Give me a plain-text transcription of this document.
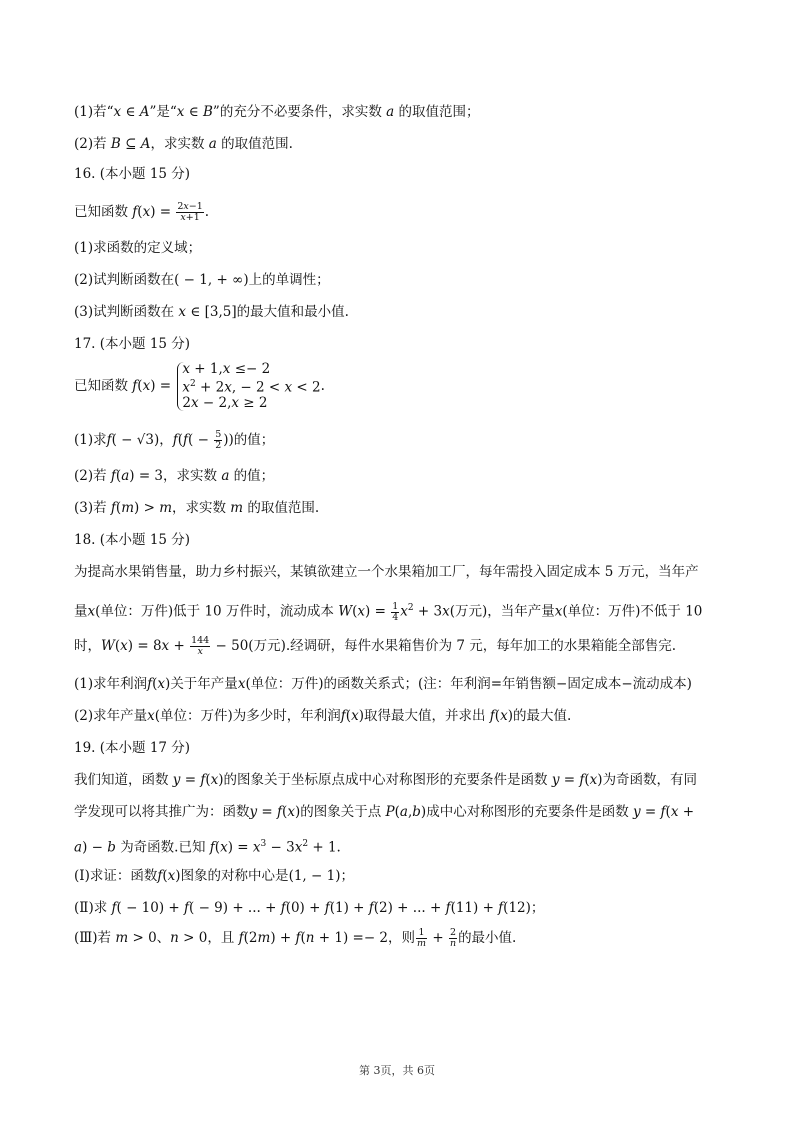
(1)若“x ∈ A”是“x ∈ B”的充分不必要条件，求实数 a 的取值范围；
(2)若 B ⊆ A，求实数 a 的取值范围.
16. (本小题 15 分)
已知函数 $f(x) = \frac{2x-1}{x+1}$ .
(1)求函数的定义域；
(2)试判断函数在( − 1, + ∞)上的单调性；
(3)试判断函数在 x ∈ [3,5]的最大值和最小值.
17. (本小题 15 分)
已知函数 f(x) =
x + 1,x ≤− 2
$x^2 + 2x$, − 2 < x < 2
2x − 2,x ≥ 2
.
(1)求f( − √3)，$f(f( - \frac{5}{2}$ ))的值；
(2)若 f(a) = 3，求实数 a 的值；
(3)若 f(m) > m，求实数 m 的取值范围.
18. (本小题 15 分)
为提高水果销售量，助力乡村振兴，某镇欲建立一个水果箱加工厂，每年需投入固定成本 5 万元，当年产
量x(单位：万件)低于 10 万件时，流动成本 $W(x) = \frac{1}{4} x^2 + 3x$(万元)，当年产量x(单位：万件)不低于 10
时，$W(x) = 8x + \frac{144}{x} - 50$(万元).经调研，每件水果箱售价为 7 元，每年加工的水果箱能全部售完.
(1)求年利润f(x)关于年产量x(单位：万件)的函数关系式；(注：年利润=年销售额−固定成本−流动成本)
(2)求年产量x(单位：万件)为多少时，年利润f(x)取得最大值，并求出 f(x)的最大值.
19. (本小题 17 分)
我们知道，函数 y = f(x)的图象关于坐标原点成中心对称图形的充要条件是函数 y = f(x)为奇函数，有同
学发现可以将其推广为：函数y = f(x)的图象关于点 P(a,b)成中心对称图形的充要条件是函数 y = f(x +
a) − b 为奇函数.已知 $f(x) = x^3 - 3x^2 + 1$.
(Ⅰ)求证：函数f(x)图象的对称中心是(1, − 1)；
(Ⅱ)求 f( − 10) + f( − 9) + ... + f(0) + f(1) + f(2) + ... + f(11) + f(12)；
(Ⅲ)若 m > 0、n > 0，且 f(2m) + f(n + 1) =− 2，则 $\frac{1}{m} + \frac{2}{n}$ 的最小值.
第 3页，共 6页
